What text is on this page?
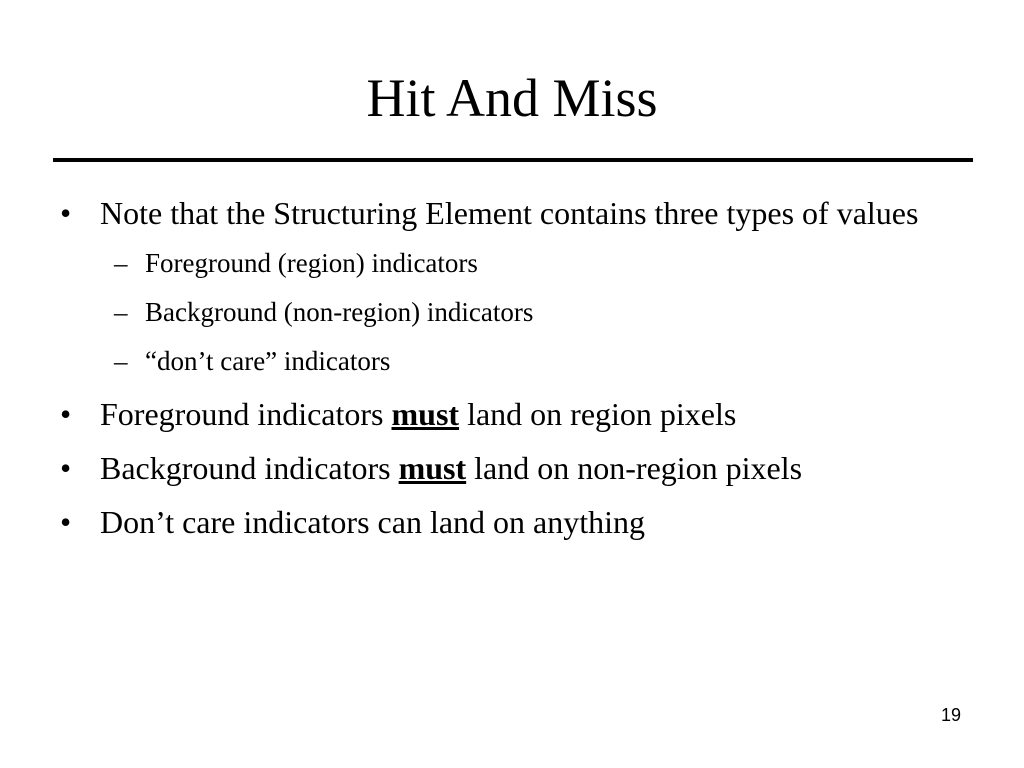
Hit And Miss
• Note that the Structuring Element contains three types of values
– Foreground (region) indicators
– Background (non-region) indicators
– “don’t care” indicators
• Foreground indicators must land on region pixels
• Background indicators must land on non-region pixels
• Don’t care indicators can land on anything
19
